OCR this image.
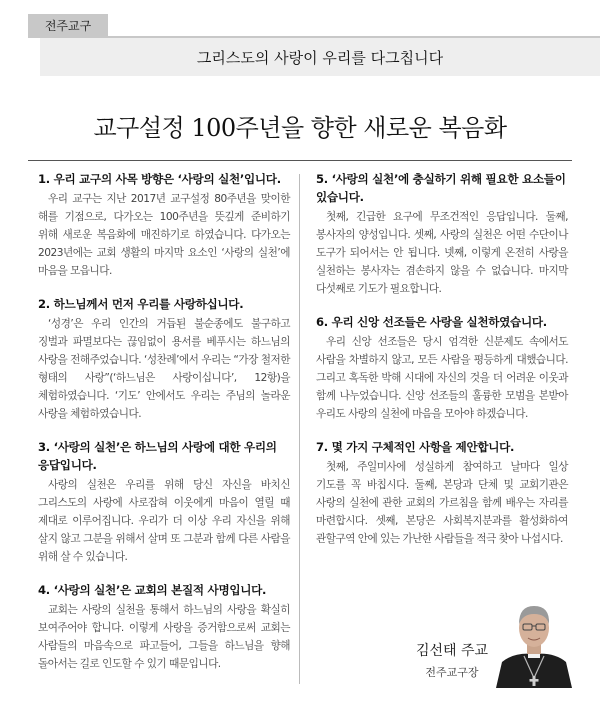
전주교구
그리스도의 사랑이 우리를 다그칩니다
교구설정 100주년을 향한 새로운 복음화
1. 우리 교구의 사목 방향은 ‘사랑의 실천’입니다.

우리 교구는 지난 2017년 교구설정 80주년을 맞이한 해를 기점으로, 다가오는 100주년을 뜻깊게 준비하기 위해 새로운 복음화에 매진하기로 하였습니다. 다가오는 2023년에는 교회 생활의 마지막 요소인 ‘사랑의 실천’에 마음을 모읍니다.

2. 하느님께서 먼저 우리를 사랑하십니다.

‘성경’은 우리 인간의 거듭된 불순종에도 불구하고 징벌과 파멸보다는 끊임없이 용서를 베푸시는 하느님의 사랑을 전해주었습니다. ‘성찬례’에서 우리는 “가장 철저한 형태의 사랑”(‘하느님은 사랑이십니다’, 12항)을 체험하였습니다. ‘기도’ 안에서도 우리는 주님의 놀라운 사랑을 체험하였습니다.

3. ‘사랑의 실천’은 하느님의 사랑에 대한 우리의 응답입니다.

사랑의 실천은 우리를 위해 당신 자신을 바치신 그리스도의 사랑에 사로잡혀 이웃에게 마음이 열릴 때 제대로 이루어집니다. 우리가 더 이상 우리 자신을 위해 살지 않고 그분을 위해서 살며 또 그분과 함께 다른 사람을 위해 살 수 있습니다.

4. ‘사랑의 실천’은 교회의 본질적 사명입니다.

교회는 사랑의 실천을 통해서 하느님의 사랑을 확실히 보여주어야 합니다. 이렇게 사랑을 증거함으로써 교회는 사람들의 마음속으로 파고들어, 그들을 하느님을 향해 돌아서는 길로 인도할 수 있기 때문입니다.

5. ‘사랑의 실천’에 충실하기 위해 필요한 요소들이 있습니다.

첫째, 긴급한 요구에 무조건적인 응답입니다. 둘째, 봉사자의 양성입니다. 셋째, 사랑의 실천은 어떤 수단이나 도구가 되어서는 안 됩니다. 넷째, 이렇게 온전히 사랑을 실천하는 봉사자는 겸손하지 않을 수 없습니다. 마지막 다섯째로 기도가 필요합니다.

6. 우리 신앙 선조들은 사랑을 실천하였습니다.

우리 신앙 선조들은 당시 엄격한 신분제도 속에서도 사람을 차별하지 않고, 모든 사람을 평등하게 대했습니다. 그리고 혹독한 박해 시대에 자신의 것을 더 어려운 이웃과 함께 나누었습니다. 신앙 선조들의 훌륭한 모범을 본받아 우리도 사랑의 실천에 마음을 모아야 하겠습니다.

7. 몇 가지 구체적인 사항을 제안합니다.

첫째, 주일미사에 성실하게 참여하고 날마다 일상 기도를 꼭 바칩시다. 둘째, 본당과 단체 및 교회기관은 사랑의 실천에 관한 교회의 가르침을 함께 배우는 자리를 마련합시다. 셋째, 본당은 사회복지분과를 활성화하여 관할구역 안에 있는 가난한 사람들을 적극 찾아 나섭시다.

김선태 주교
전주교구장
